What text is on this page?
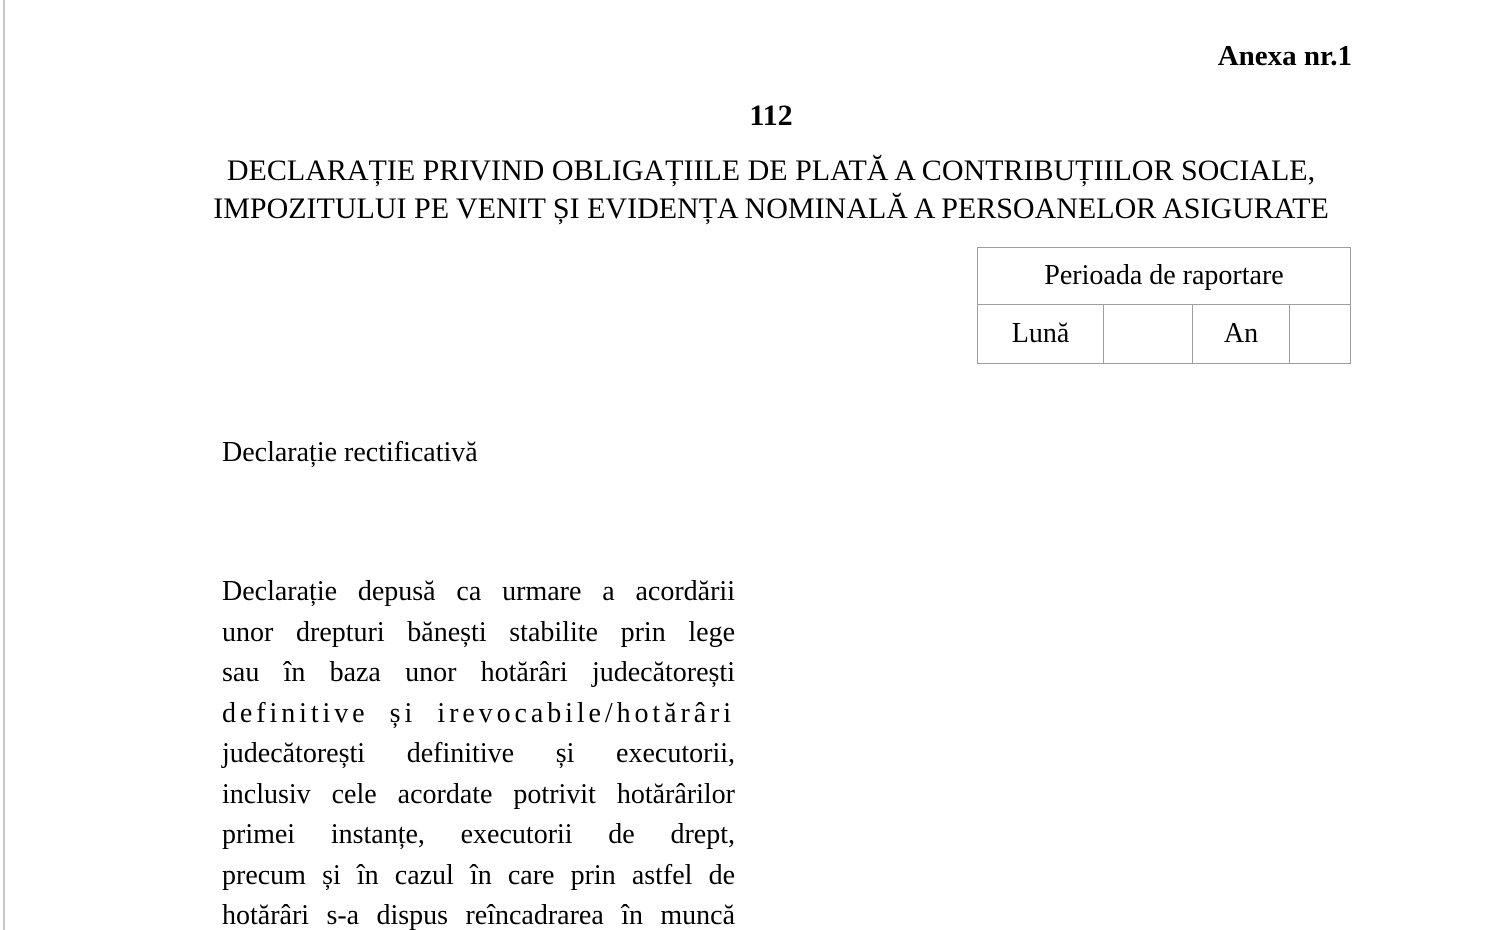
Anexa nr.1
112
DECLARAȚIE PRIVIND OBLIGAȚIILE DE PLATĂ A CONTRIBUȚIILOR SOCIALE,
IMPOZITULUI PE VENIT ȘI EVIDENȚA NOMINALĂ A PERSOANELOR ASIGURATE
Perioada de raportare
Lună		An	
Declarație rectificativă
Declarație depusă ca urmare a acordării
unor drepturi bănești stabilite prin lege
sau în baza unor hotărâri judecătorești
definitive și irevocabile/hotărâri
judecătorești definitive și executorii,
inclusiv cele acordate potrivit hotărârilor
primei instanțe, executorii de drept,
precum și în cazul în care prin astfel de
hotărâri s-a dispus reîncadrarea în muncă
